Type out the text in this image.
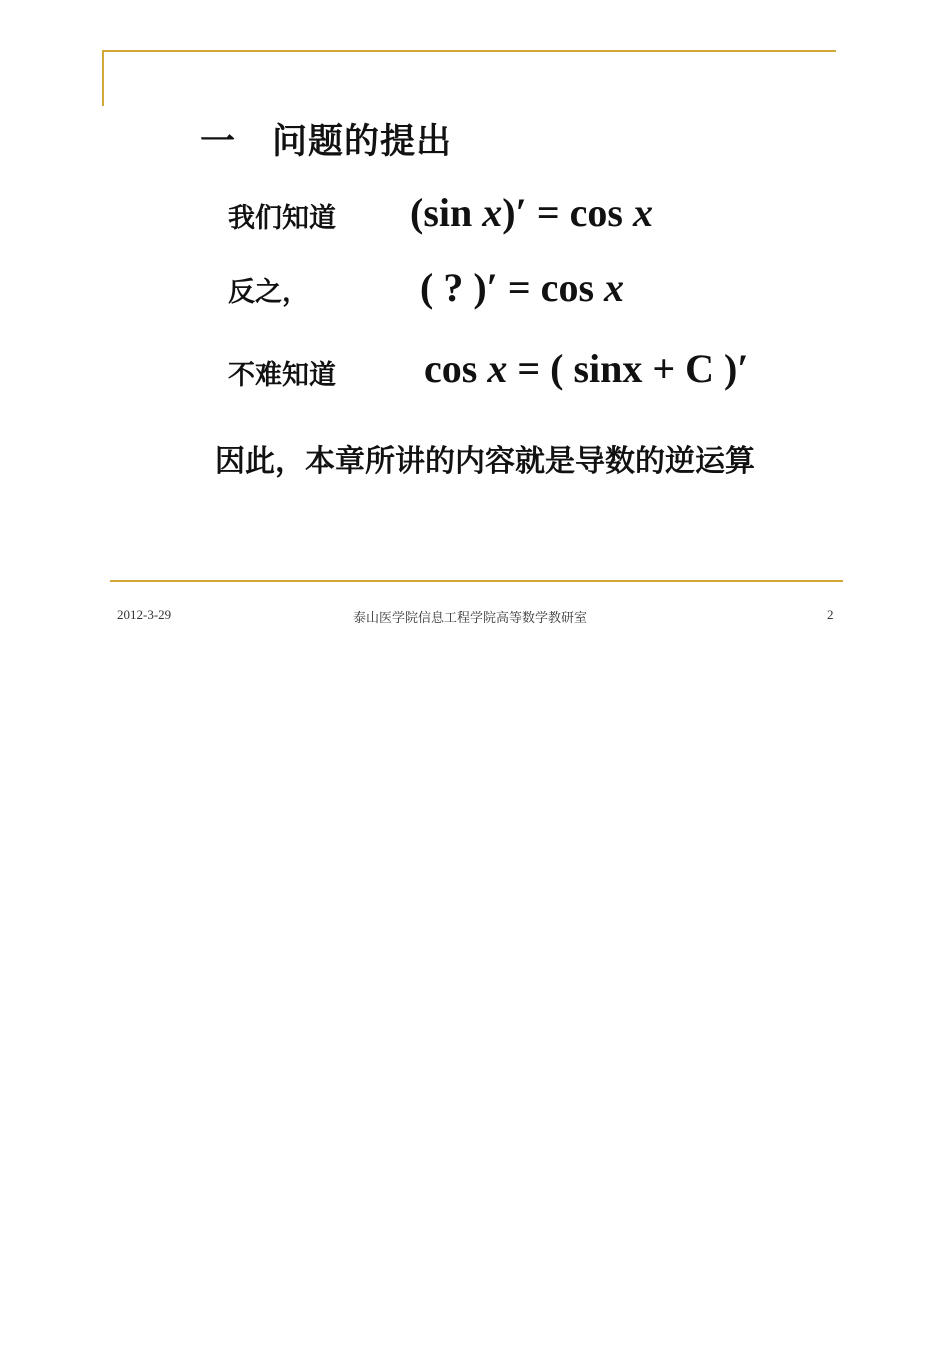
一 问题的提出
我们知道 (sin x)′ = cos x
反之，	( ? )′ = cos x
不难知道 cos x = ( sinx + C )′
因此，本章所讲的内容就是导数的逆运算
2012-3-29	泰山医学院信息工程学院高等数学教研室	2
